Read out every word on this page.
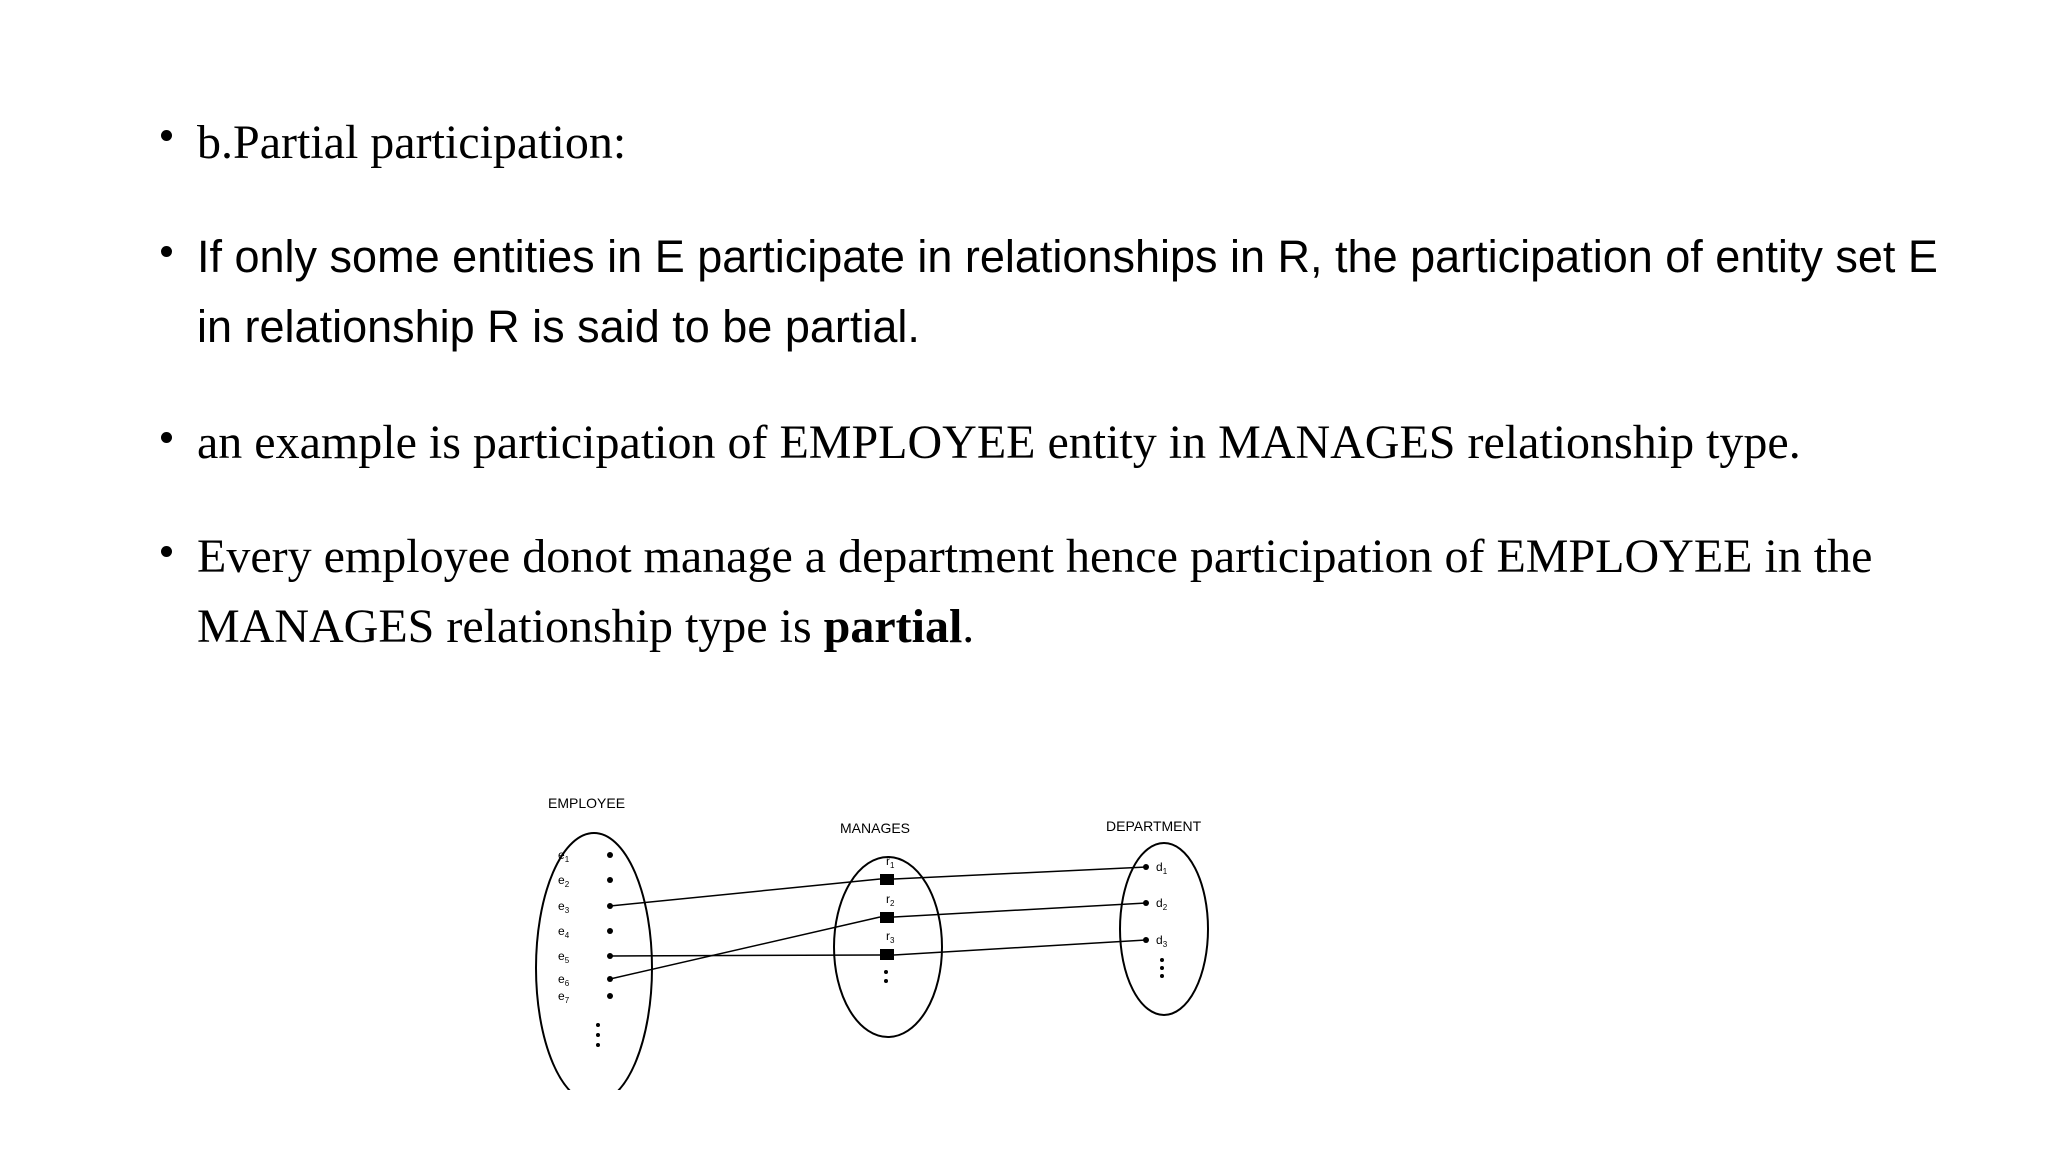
b.Partial participation:
If only some entities in E participate in relationships in R, the participation of entity set E in relationship R is said to be partial.
an example is participation of EMPLOYEE entity in MANAGES relationship type.
Every employee donot manage a department hence participation of EMPLOYEE in the MANAGES relationship type is partial.
EMPLOYEE
MANAGES	DEPARTMENT
$e_1$
$e_2$
$e_3$
$e_4$
$e_5$
$e_6$
$e_7$
$r_1$
$r_2$
$r_3$
$d_1$
$d_2$
$d_3$
